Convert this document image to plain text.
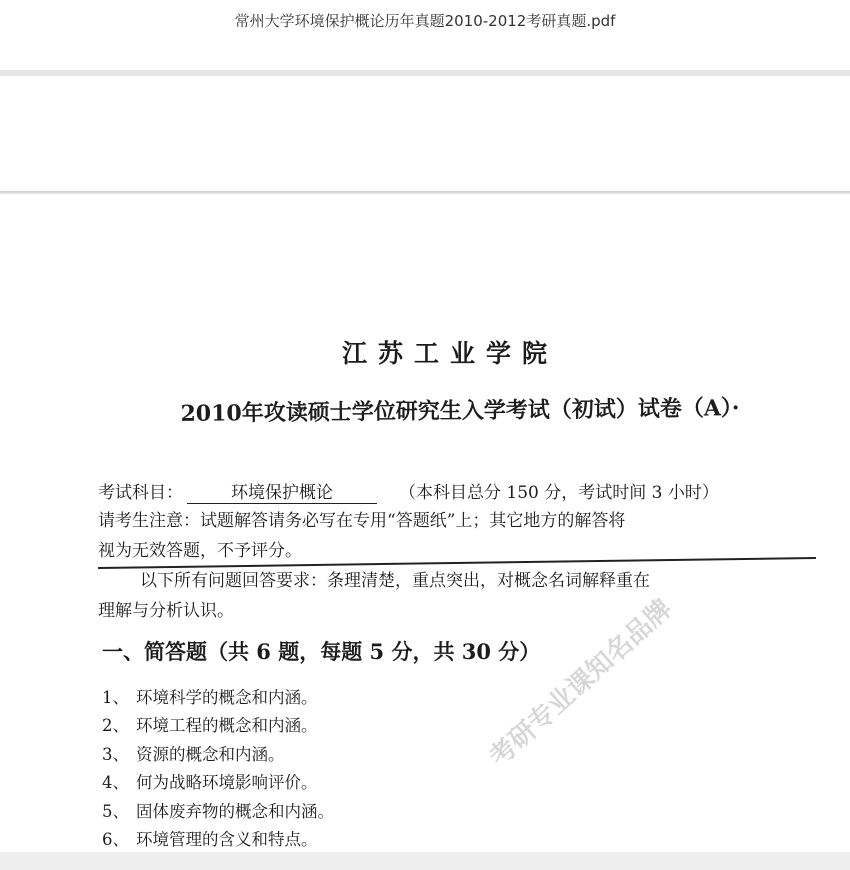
常州大学环境保护概论历年真题2010-2012考研真题.pdf
考研专业课知名品牌
江苏工业学院
2010年攻读硕士学位研究生入学考试（初试）试卷（A）·
考试科目：	环境保护概论	（本科目总分 150 分，考试时间 3 小时）
请考生注意：试题解答请务必写在专用“答题纸”上；其它地方的解答将
视为无效答题，不予评分。
以下所有问题回答要求：条理清楚，重点突出，对概念名词解释重在
理解与分析认识。
一、简答题（共 6 题，每题 5 分，共 30 分）
1、 环境科学的概念和内涵。
2、 环境工程的概念和内涵。
3、 资源的概念和内涵。
4、 何为战略环境影响评价。
5、 固体废弃物的概念和内涵。
6、 环境管理的含义和特点。
